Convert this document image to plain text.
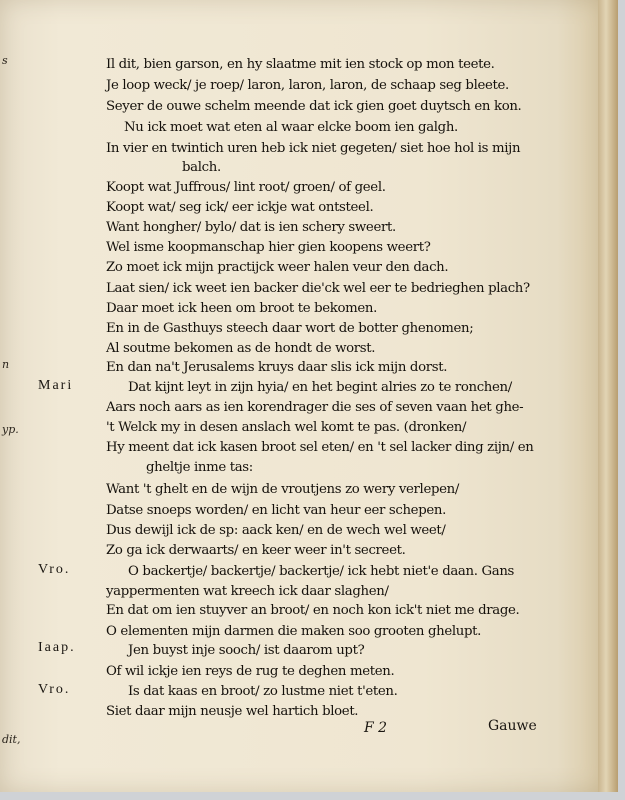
s
n
yp.
dit,
Mari
Vro.
Iaap.
Vro.
Il dit, bien garson, en hy slaatme mit ien stock op mon teete.
Je loop weck/ je roep/ laron, laron, laron, de schaap seg bleete.
Seyer de ouwe schelm meende dat ick gien goet duytsch en kon.
Nu ick moet wat eten al waar elcke boom ien galgh.
In vier en twintich uren heb ick niet gegeten/ siet hoe hol is mijn
balch.
Koopt wat Juffrous/ lint root/ groen/ of geel.
Koopt wat/ seg ick/ eer ickje wat ontsteel.
Want hongher/ bylo/ dat is ien schery sweert.
Wel isme koopmanschap hier gien koopens weert?
Zo moet ick mijn practijck weer halen veur den dach.
Laat sien/ ick weet ien backer die'ck wel eer te bedrieghen plach?
Daar moet ick heen om broot te bekomen.
En in de Gasthuys steech daar wort de botter ghenomen;
Al soutme bekomen as de hondt de worst.
En dan na't Jerusalems kruys daar slis ick mijn dorst.
Dat kijnt leyt in zijn hyia/ en het begint alries zo te ronchen/
Aars noch aars as ien korendrager die ses of seven vaan het ghe-
't Welck my in desen anslach wel komt te pas. (dronken/
Hy meent dat ick kasen broot sel eten/ en 't sel lacker ding zijn/ en
gheltje inme tas:
Want 't ghelt en de wijn de vroutjens zo wery verlepen/
Datse snoeps worden/ en licht van heur eer schepen.
Dus dewijl ick de sp: aack ken/ en de wech wel weet/
Zo ga ick derwaarts/ en keer weer in't secreet.
O backertje/ backertje/ backertje/ ick hebt niet'e daan. Gans
yappermenten wat kreech ick daar slaghen/
En dat om ien stuyver an broot/ en noch kon ick't niet me drage.
O elementen mijn darmen die maken soo grooten ghelupt.
Jen buyst inje sooch/ ist daarom upt?
Of wil ickje ien reys de rug te deghen meten.
Is dat kaas en broot/ zo lustme niet t'eten.
Siet daar mijn neusje wel hartich bloet.
F 2	Gauwe
